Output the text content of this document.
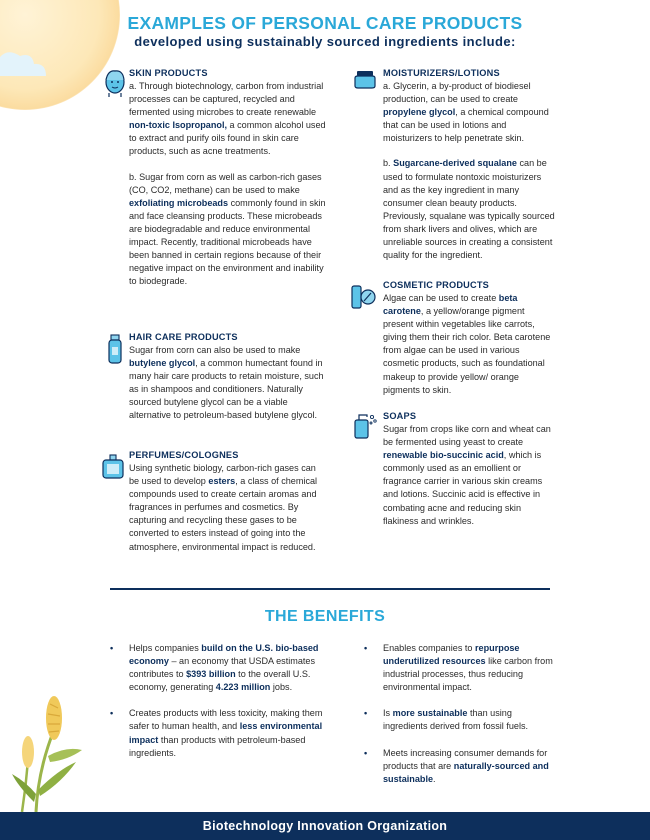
EXAMPLES OF PERSONAL CARE PRODUCTS
developed using sustainably sourced ingredients include:

SKIN PRODUCTS

a. Through biotechnology, carbon from industrial processes can be captured, recycled and fermented using microbes to create renewable non-toxic Isopropanol, a common alcohol used to extract and purify oils found in skin care products, such as acne treatments.

b. Sugar from corn as well as carbon-rich gases (CO, CO2, methane) can be used to make exfoliating microbeads commonly found in skin and face cleansing products. These microbeads are biodegradable and reduce environmental impact. Recently, traditional microbeads have been banned in certain regions because of their negative impact on the environment and inability to biodegrade.

HAIR CARE PRODUCTS

Sugar from corn can also be used to make butylene glycol, a common humectant found in many hair care products to retain moisture, such as in shampoos and conditioners. Naturally sourced butylene glycol can be a viable alternative to petroleum-based butylene glycol.

PERFUMES/COLOGNES

Using synthetic biology, carbon-rich gases can be used to develop esters, a class of chemical compounds used to create certain aromas and fragrances in perfumes and cosmetics. By capturing and recycling these gases to be converted to esters instead of going into the atmosphere, environmental impact is reduced.

MOISTURIZERS/LOTIONS

a. Glycerin, a by-product of biodiesel production, can be used to create propylene glycol, a chemical compound that can be used in lotions and moisturizers to help penetrate skin.

b. Sugarcane-derived squalane can be used to formulate nontoxic moisturizers and as the key ingredient in many consumer clean beauty products. Previously, squalane was typically sourced from shark livers and olives, which are unreliable sources in creating a consistent quality for the ingredient.

COSMETIC PRODUCTS

Algae can be used to create beta carotene, a yellow/orange pigment present within vegetables like carrots, giving them their rich color. Beta carotene from algae can be used in various cosmetic products, such as foundational makeup to provide yellow/ orange pigments to skin.

SOAPS

Sugar from crops like corn and wheat can be fermented using yeast to create renewable bio-succinic acid, which is commonly used as an emollient or fragrance carrier in various skin creams and lotions. Succinic acid is effective in combating acne and reducing skin flakiness and wrinkles.

THE BENEFITS
• Helps companies build on the U.S. bio-based economy – an economy that USDA estimates contributes to $393 billion to the overall U.S. economy, generating 4.223 million jobs.
• Creates products with less toxicity, making them safer to human health, and less environmental impact than products with petroleum-based ingredients.
• Enables companies to repurpose underutilized resources like carbon from industrial processes, thus reducing environmental impact.
• Is more sustainable than using ingredients derived from fossil fuels.
• Meets increasing consumer demands for products that are naturally-sourced and sustainable.
Biotechnology Innovation Organization
